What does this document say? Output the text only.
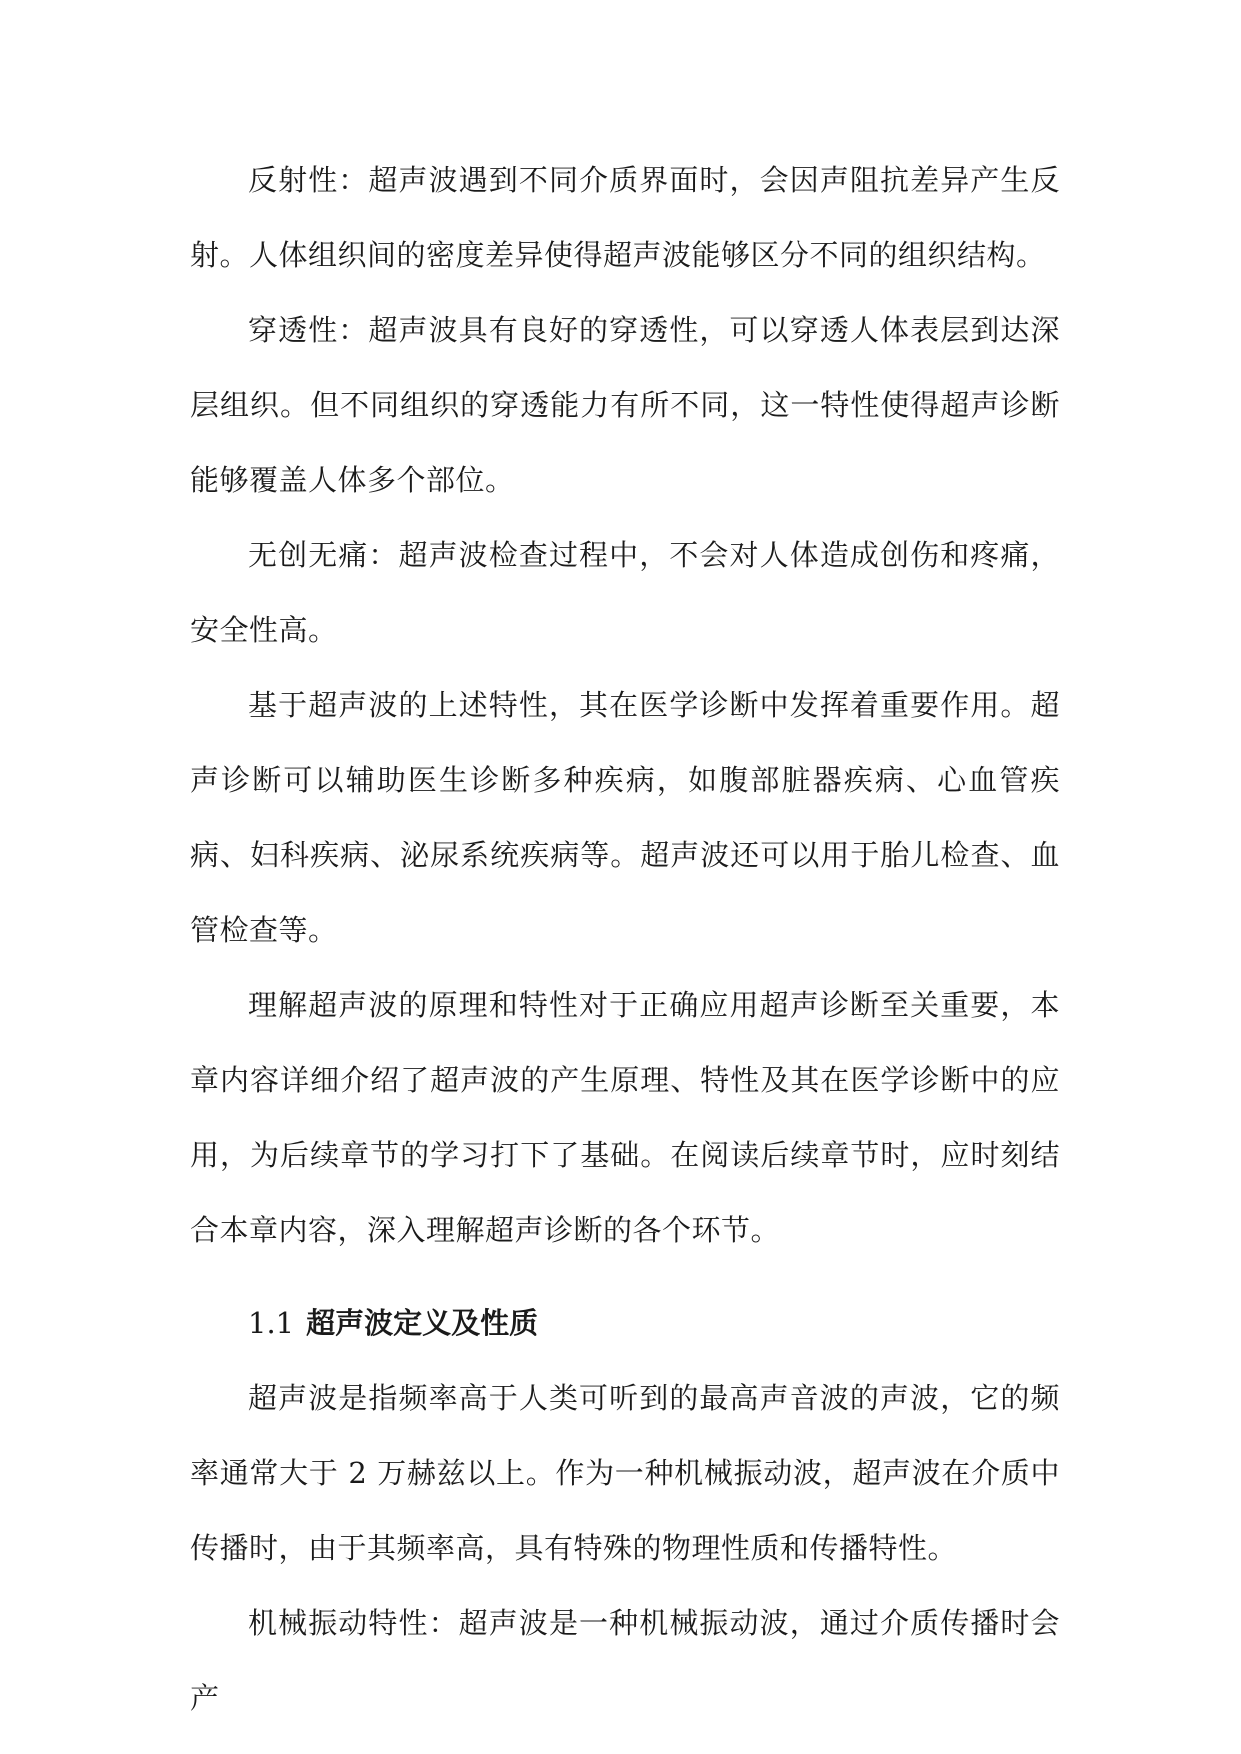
反射性：超声波遇到不同介质界面时，会因声阻抗差异产生反射。人体组织间的密度差异使得超声波能够区分不同的组织结构。

穿透性：超声波具有良好的穿透性，可以穿透人体表层到达深层组织。但不同组织的穿透能力有所不同，这一特性使得超声诊断能够覆盖人体多个部位。

无创无痛：超声波检查过程中，不会对人体造成创伤和疼痛，安全性高。

基于超声波的上述特性，其在医学诊断中发挥着重要作用。超声诊断可以辅助医生诊断多种疾病，如腹部脏器疾病、心血管疾病、妇科疾病、泌尿系统疾病等。超声波还可以用于胎儿检查、血管检查等。

理解超声波的原理和特性对于正确应用超声诊断至关重要，本章内容详细介绍了超声波的产生原理、特性及其在医学诊断中的应用，为后续章节的学习打下了基础。在阅读后续章节时，应时刻结合本章内容，深入理解超声诊断的各个环节。

1.1 超声波定义及性质

超声波是指频率高于人类可听到的最高声音波的声波，它的频率通常大于 2 万赫兹以上。作为一种机械振动波，超声波在介质中传播时，由于其频率高，具有特殊的物理性质和传播特性。

机械振动特性：超声波是一种机械振动波，通过介质传播时会产
